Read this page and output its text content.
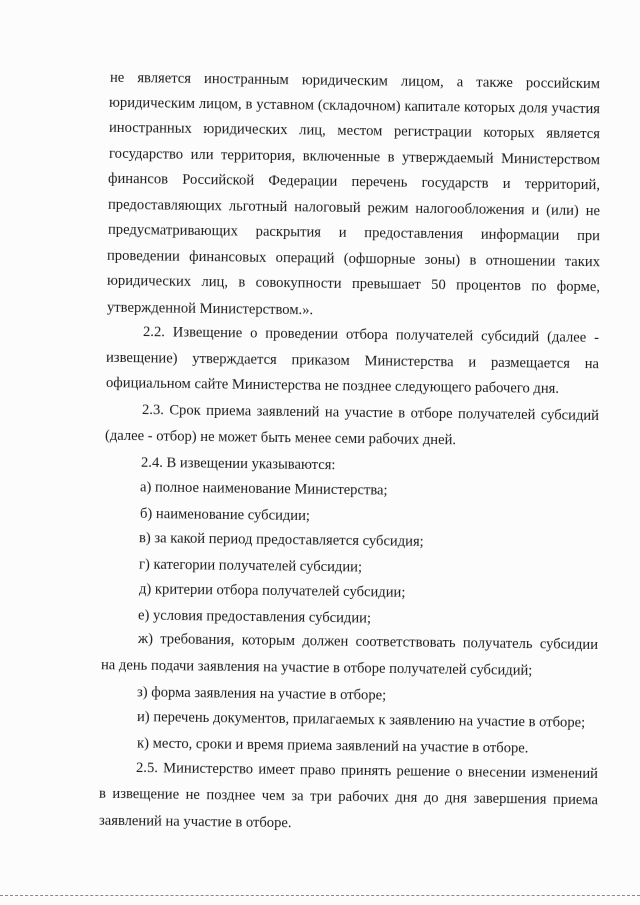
не является иностранным юридическим лицом, а также российским

юридическим лицом, в уставном (складочном) капитале которых доля участия

иностранных юридических лиц, местом регистрации которых является

государство или территория, включенные в утверждаемый Министерством

финансов Российской Федерации перечень государств и территорий,

предоставляющих льготный налоговый режим налогообложения и (или) не

предусматривающих раскрытия и предоставления информации при

проведении финансовых операций (офшорные зоны) в отношении таких

юридических лиц, в совокупности превышает 50 процентов по форме,

утвержденной Министерством.».

2.2. Извещение о проведении отбора получателей субсидий (далее -

извещение) утверждается приказом Министерства и размещается на

официальном сайте Министерства не позднее следующего рабочего дня.

2.3. Срок приема заявлений на участие в отборе получателей субсидий

(далее - отбор) не может быть менее семи рабочих дней.

2.4. В извещении указываются:

а) полное наименование Министерства;

б) наименование субсидии;

в) за какой период предоставляется субсидия;

г) категории получателей субсидии;

д) критерии отбора получателей субсидии;

е) условия предоставления субсидии;

ж) требования, которым должен соответствовать получатель субсидии

на день подачи заявления на участие в отборе получателей субсидий;

з) форма заявления на участие в отборе;

и) перечень документов, прилагаемых к заявлению на участие в отборе;

к) место, сроки и время приема заявлений на участие в отборе.

2.5. Министерство имеет право принять решение о внесении изменений

в извещение не позднее чем за три рабочих дня до дня завершения приема

заявлений на участие в отборе.
